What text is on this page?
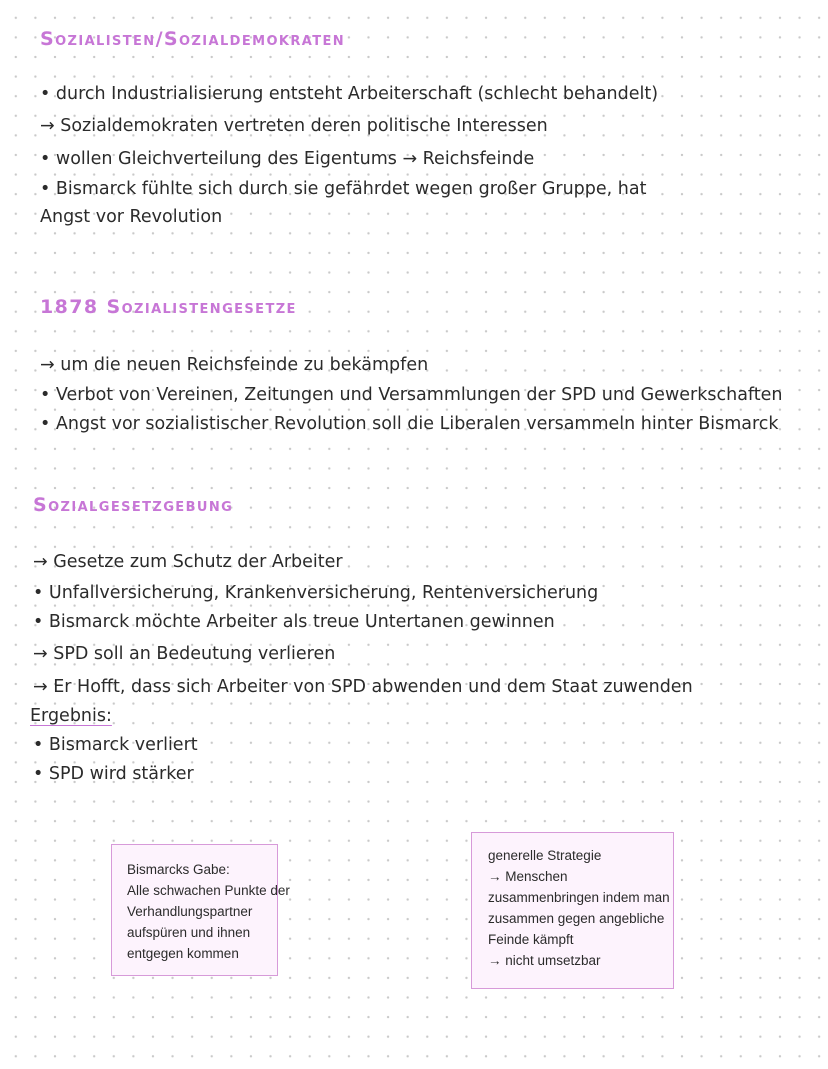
Sozialisten/Sozialdemokraten
• durch Industrialisierung entsteht Arbeiterschaft (schlecht behandelt)
→ Sozialdemokraten vertreten deren politische Interessen
• wollen Gleichverteilung des Eigentums → Reichsfeinde
• Bismarck fühlte sich durch sie gefährdet wegen großer Gruppe, hat
Angst vor Revolution
1878 Sozialistengesetze
→ um die neuen Reichsfeinde zu bekämpfen
• Verbot von Vereinen, Zeitungen und Versammlungen der SPD und Gewerkschaften
• Angst vor sozialistischer Revolution soll die Liberalen versammeln hinter Bismarck
Sozialgesetzgebung
→ Gesetze zum Schutz der Arbeiter
• Unfallversicherung, Krankenversicherung, Rentenversicherung
• Bismarck möchte Arbeiter als treue Untertanen gewinnen
→ SPD soll an Bedeutung verlieren
→ Er Hofft, dass sich Arbeiter von SPD abwenden und dem Staat zuwenden
Ergebnis:
• Bismarck verliert
• SPD wird stärker
Bismarcks Gabe:
Alle schwachen Punkte der
Verhandlungspartner
aufspüren und ihnen
entgegen kommen
generelle Strategie
→ Menschen
zusammenbringen indem man
zusammen gegen angebliche
Feinde kämpft
→ nicht umsetzbar
